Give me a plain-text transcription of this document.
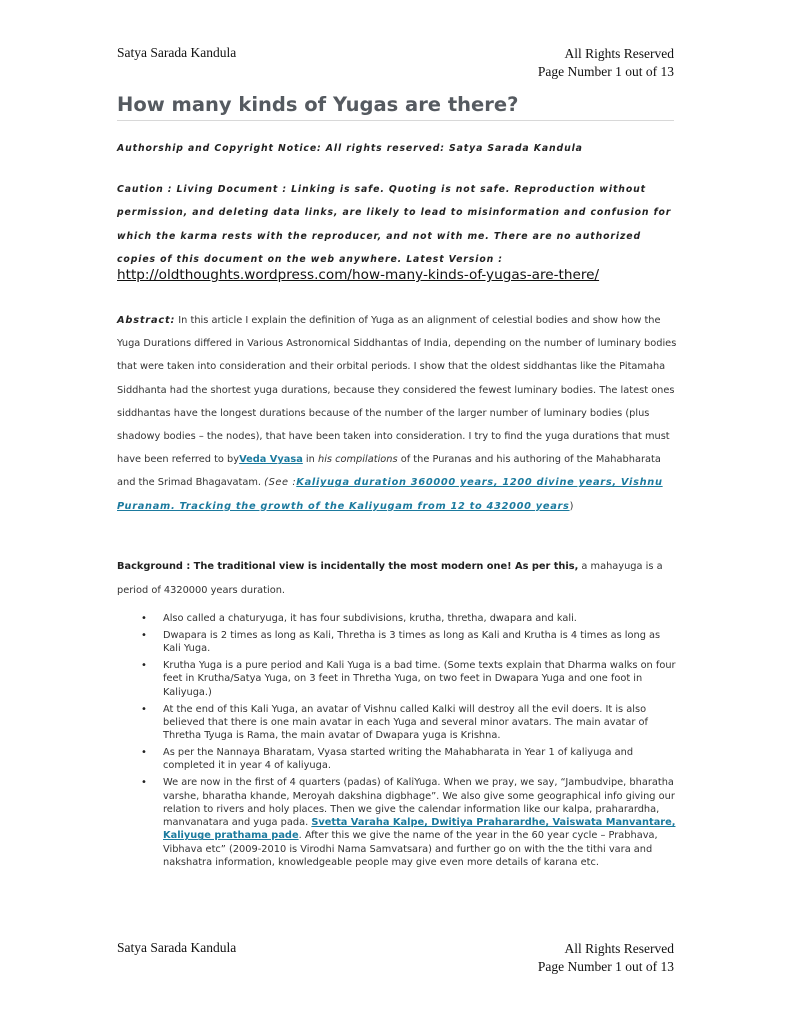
Satya Sarada Kandula	All Rights Reserved
Page Number 1 out of 13
How many kinds of Yugas are there?
Authorship and Copyright Notice: All rights reserved: Satya Sarada Kandula
Caution : Living Document : Linking is safe. Quoting is not safe. Reproduction without permission, and deleting data links, are likely to lead to misinformation and confusion for which the karma rests with the reproducer, and not with me. There are no authorized copies of this document on the web anywhere. Latest Version :
http://oldthoughts.wordpress.com/how-many-kinds-of-yugas-are-there/
Abstract: In this article I explain the definition of Yuga as an alignment of celestial bodies and show how the Yuga Durations differed in Various Astronomical Siddhantas of India, depending on the number of luminary bodies that were taken into consideration and their orbital periods. I show that the oldest siddhantas like the Pitamaha Siddhanta had the shortest yuga durations, because they considered the fewest luminary bodies. The latest ones siddhantas have the longest durations because of the number of the larger number of luminary bodies (plus shadowy bodies – the nodes), that have been taken into consideration. I try to find the yuga durations that must have been referred to byVeda Vyasa in his compilations of the Puranas and his authoring of the Mahabharata and the Srimad Bhagavatam. (See :Kaliyuga duration 360000 years, 1200 divine years, Vishnu Puranam. Tracking the growth of the Kaliyugam from 12 to 432000 years)
Background : The traditional view is incidentally the most modern one! As per this, a mahayuga is a period of 4320000 years duration.
• Also called a chaturyuga, it has four subdivisions, krutha, thretha, dwapara and kali.
• Dwapara is 2 times as long as Kali, Thretha is 3 times as long as Kali and Krutha is 4 times as long as Kali Yuga.
• Krutha Yuga is a pure period and Kali Yuga is a bad time. (Some texts explain that Dharma walks on four feet in Krutha/Satya Yuga, on 3 feet in Thretha Yuga, on two feet in Dwapara Yuga and one foot in Kaliyuga.)
• At the end of this Kali Yuga, an avatar of Vishnu called Kalki will destroy all the evil doers. It is also believed that there is one main avatar in each Yuga and several minor avatars. The main avatar of Thretha Tyuga is Rama, the main avatar of Dwapara yuga is Krishna.
• As per the Nannaya Bharatam, Vyasa started writing the Mahabharata in Year 1 of kaliyuga and completed it in year 4 of kaliyuga.
• We are now in the first of 4 quarters (padas) of KaliYuga. When we pray, we say, “Jambudvipe, bharatha varshe, bharatha khande, Meroyah dakshina digbhage”. We also give some geographical info giving our relation to rivers and holy places. Then we give the calendar information like our kalpa, praharardha, manvanatara and yuga pada. Svetta Varaha Kalpe, Dwitiya Praharardhe, Vaiswata Manvantare, Kaliyuge prathama pade. After this we give the name of the year in the 60 year cycle – Prabhava, Vibhava etc” (2009-2010 is Virodhi Nama Samvatsara) and further go on with the the tithi vara and nakshatra information, knowledgeable people may give even more details of karana etc.
Satya Sarada Kandula	All Rights Reserved
Page Number 1 out of 13
